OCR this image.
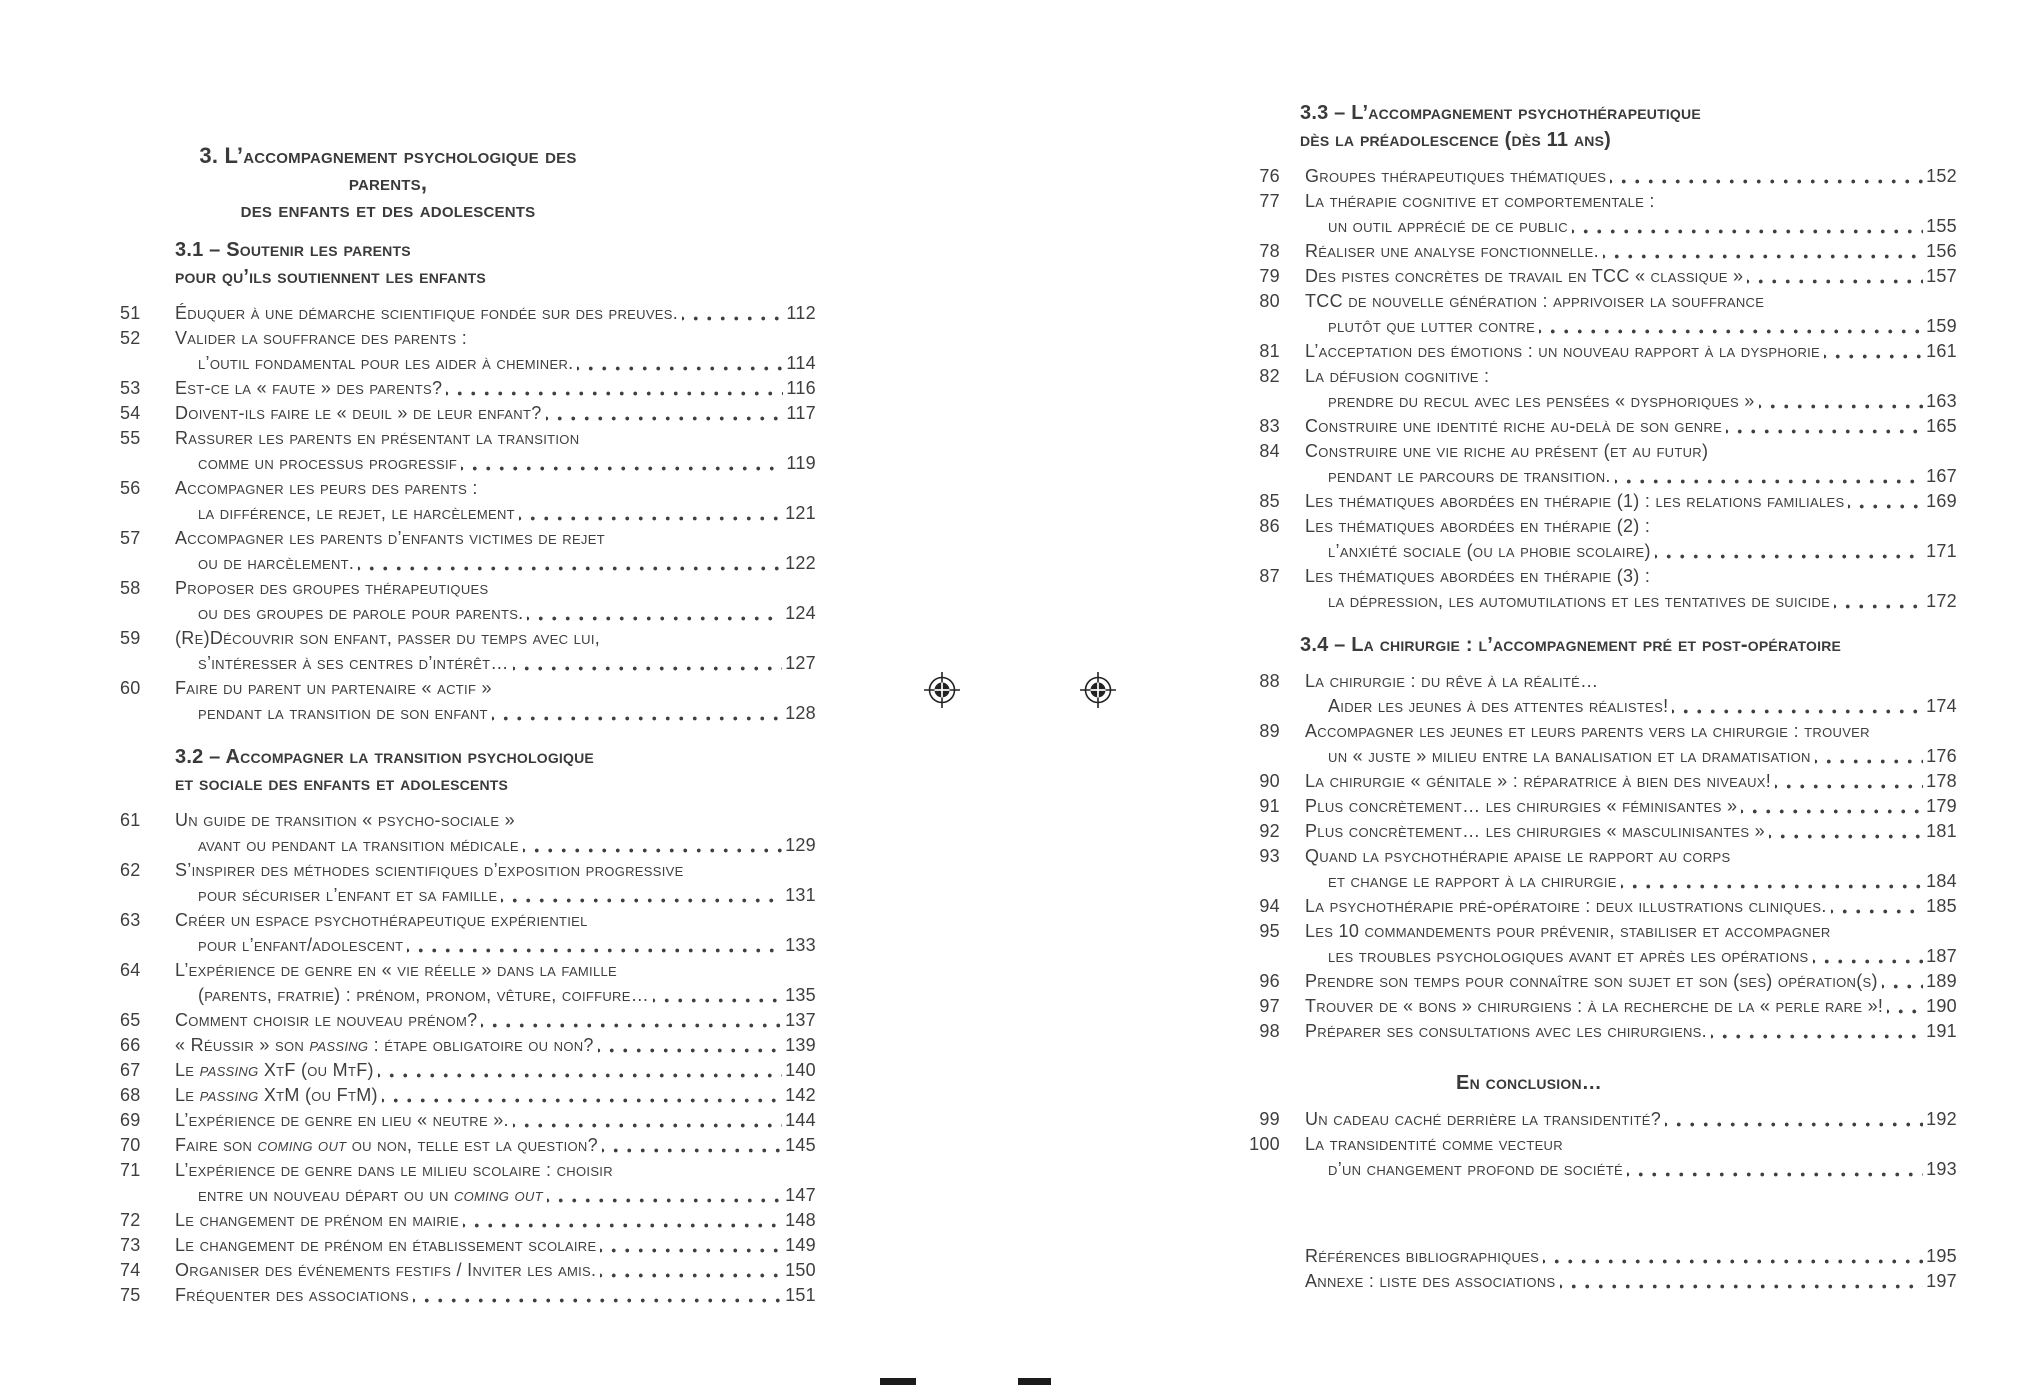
3. L’accompagnement psychologique des parents,
des enfants et des adolescents
3.1 – Soutenir les parents
pour qu’ils soutiennent les enfants
51	Éduquer à une démarche scientifique fondée sur des preuves.	112
52	Valider la souffrance des parents :
l’outil fondamental pour les aider à cheminer.	114
53	Est-ce la « faute » des parents?	116
54	Doivent-ils faire le « deuil » de leur enfant?	117
55	Rassurer les parents en présentant la transition
comme un processus progressif	119
56	Accompagner les peurs des parents :
la différence, le rejet, le harcèlement	121
57	Accompagner les parents d’enfants victimes de rejet
ou de harcèlement.	122
58	Proposer des groupes thérapeutiques
ou des groupes de parole pour parents.	124
59	(Re)Découvrir son enfant, passer du temps avec lui,
s’intéresser à ses centres d’intérêt…	127
60	Faire du parent un partenaire « actif »
pendant la transition de son enfant	128
3.2 – Accompagner la transition psychologique
et sociale des enfants et adolescents
61	Un guide de transition « psycho-sociale »
avant ou pendant la transition médicale	129
62	S’inspirer des méthodes scientifiques d’exposition progressive
pour sécuriser l’enfant et sa famille	131
63	Créer un espace psychothérapeutique expérientiel
pour l’enfant/adolescent	133
64	L’expérience de genre en « vie réelle » dans la famille
(parents, fratrie) : prénom, pronom, vêture, coiffure…	135
65	Comment choisir le nouveau prénom?	137
66	« Réussir » son passing : étape obligatoire ou non?	139
67	Le passing XtF (ou MtF)	140
68	Le passing XtM (ou FtM)	142
69	L’expérience de genre en lieu « neutre ».	144
70	Faire son coming out ou non, telle est la question?	145
71	L’expérience de genre dans le milieu scolaire : choisir
entre un nouveau départ ou un coming out	147
72	Le changement de prénom en mairie	148
73	Le changement de prénom en établissement scolaire	149
74	Organiser des événements festifs / Inviter les amis.	150
75	Fréquenter des associations	151
3.3 – L’accompagnement psychothérapeutique
dès la préadolescence (dès 11 ans)
76	Groupes thérapeutiques thématiques	152
77	La thérapie cognitive et comportementale :
un outil apprécié de ce public	155
78	Réaliser une analyse fonctionnelle.	156
79	Des pistes concrètes de travail en TCC « classique »	157
80	TCC de nouvelle génération : apprivoiser la souffrance
plutôt que lutter contre	159
81	L’acceptation des émotions : un nouveau rapport à la dysphorie	161
82	La défusion cognitive :
prendre du recul avec les pensées « dysphoriques »	163
83	Construire une identité riche au-delà de son genre	165
84	Construire une vie riche au présent (et au futur)
pendant le parcours de transition.	167
85	Les thématiques abordées en thérapie (1) : les relations familiales	169
86	Les thématiques abordées en thérapie (2) :
l’anxiété sociale (ou la phobie scolaire)	171
87	Les thématiques abordées en thérapie (3) :
la dépression, les automutilations et les tentatives de suicide	172
3.4 – La chirurgie : l’accompagnement pré et post-opératoire
88	La chirurgie : du rêve à la réalité…
Aider les jeunes à des attentes réalistes!	174
89	Accompagner les jeunes et leurs parents vers la chirurgie : trouver
un « juste » milieu entre la banalisation et la dramatisation	176
90	La chirurgie « génitale » : réparatrice à bien des niveaux!	178
91	Plus concrètement… les chirurgies « féminisantes »	179
92	Plus concrètement… les chirurgies « masculinisantes »	181
93	Quand la psychothérapie apaise le rapport au corps
et change le rapport à la chirurgie	184
94	La psychothérapie pré-opératoire : deux illustrations cliniques.	185
95	Les 10 commandements pour prévenir, stabiliser et accompagner
les troubles psychologiques avant et après les opérations	187
96	Prendre son temps pour connaître son sujet et son (ses) opération(s)	189
97	Trouver de « bons » chirurgiens : à la recherche de la « perle rare »! 190
98	Préparer ses consultations avec les chirurgiens.	191
En conclusion…
99	Un cadeau caché derrière la transidentité?	192
100	La transidentité comme vecteur
d’un changement profond de société	193
Références bibliographiques	195
Annexe : liste des associations	197
